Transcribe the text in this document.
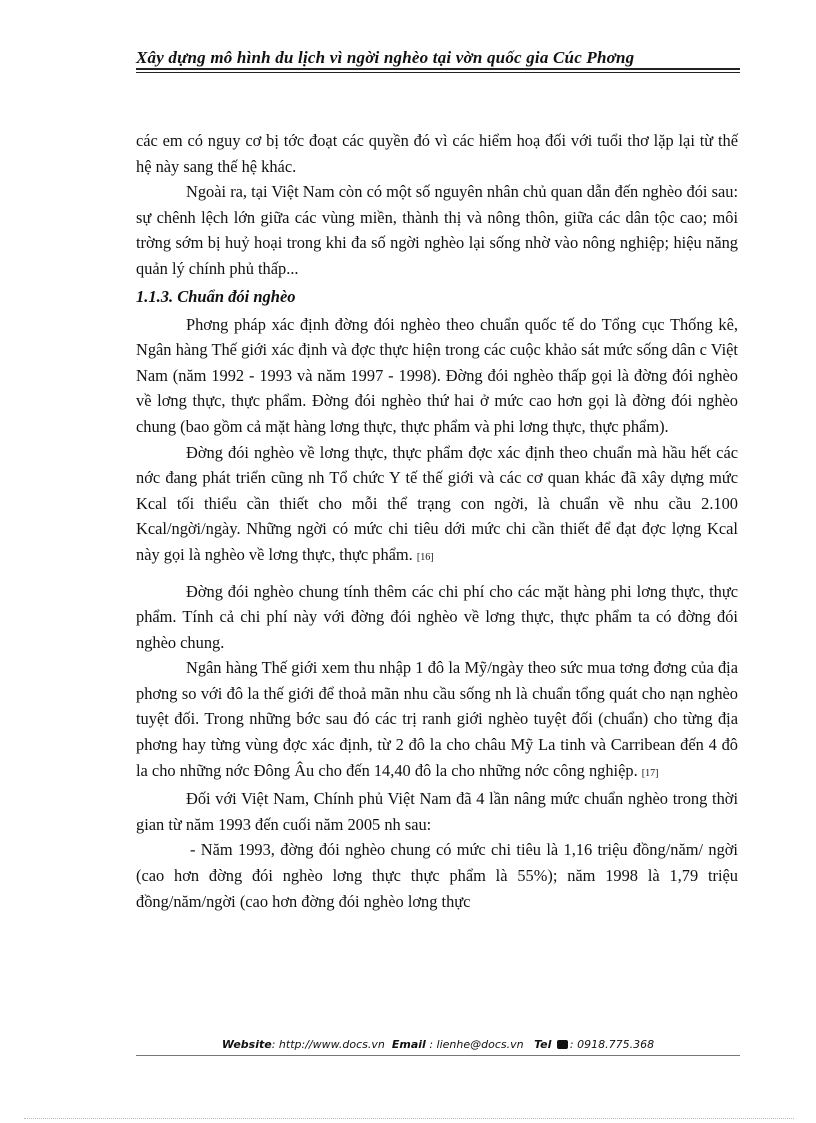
Xây dựng mô hình du lịch vì ngời nghèo tại vờn quốc gia Cúc Phơng

các em có nguy cơ bị tớc đoạt các quyền đó vì các hiểm hoạ đối với tuổi thơ lặp lại từ thế hệ này sang thế hệ khác.

Ngoài ra, tại Việt Nam còn có một số nguyên nhân chủ quan dẫn đến nghèo đói sau: sự chênh lệch lớn giữa các vùng miền, thành thị và nông thôn, giữa các dân tộc cao; môi trờng sớm bị huỷ hoại trong khi đa số ngời nghèo lại sống nhờ vào nông nghiệp; hiệu năng quản lý chính phủ thấp...

1.1.3. Chuẩn đói nghèo

Phơng pháp xác định đờng đói nghèo theo chuẩn quốc tế do Tổng cục Thống kê, Ngân hàng Thế giới xác định và đợc thực hiện trong các cuộc khảo sát mức sống dân c Việt Nam (năm 1992 - 1993 và năm 1997 - 1998). Đờng đói nghèo thấp gọi là đờng đói nghèo về lơng thực, thực phẩm. Đờng đói nghèo thứ hai ở mức cao hơn gọi là đờng đói nghèo chung (bao gồm cả mặt hàng lơng thực, thực phẩm và phi lơng thực, thực phẩm).

Đờng đói nghèo về lơng thực, thực phẩm đợc xác định theo chuẩn mà hầu hết các nớc đang phát triển cũng nh Tổ chức Y tế thế giới và các cơ quan khác đã xây dựng mức Kcal tối thiểu cần thiết cho mỗi thể trạng con ngời, là chuẩn về nhu cầu 2.100 Kcal/ngời/ngày. Những ngời có mức chi tiêu dới mức chi cần thiết để đạt đợc lợng Kcal này gọi là nghèo về lơng thực, thực phẩm. [16]

Đờng đói nghèo chung tính thêm các chi phí cho các mặt hàng phi lơng thực, thực phẩm. Tính cả chi phí này với đờng đói nghèo về lơng thực, thực phẩm ta có đờng đói nghèo chung.

Ngân hàng Thế giới xem thu nhập 1 đô la Mỹ/ngày theo sức mua tơng đơng của địa phơng so với đô la thế giới để thoả mãn nhu cầu sống nh là chuẩn tổng quát cho nạn nghèo tuyệt đối. Trong những bớc sau đó các trị ranh giới nghèo tuyệt đối (chuẩn) cho từng địa phơng hay từng vùng đợc xác định, từ 2 đô la cho châu Mỹ La tinh và Carribean đến 4 đô la cho những nớc Đông Âu cho đến 14,40 đô la cho những nớc công nghiệp. [17]

Đối với Việt Nam, Chính phủ Việt Nam đã 4 lần nâng mức chuẩn nghèo trong thời gian từ năm 1993 đến cuối năm 2005 nh sau:

- Năm 1993, đờng đói nghèo chung có mức chi tiêu là 1,16 triệu đồng/năm/ ngời (cao hơn đờng đói nghèo lơng thực thực phẩm là 55%); năm 1998 là 1,79 triệu đồng/năm/ngời (cao hơn đờng đói nghèo lơng thực

Website: http://www.docs.vn Email : lienhe@docs.vn Tel : 0918.775.368
